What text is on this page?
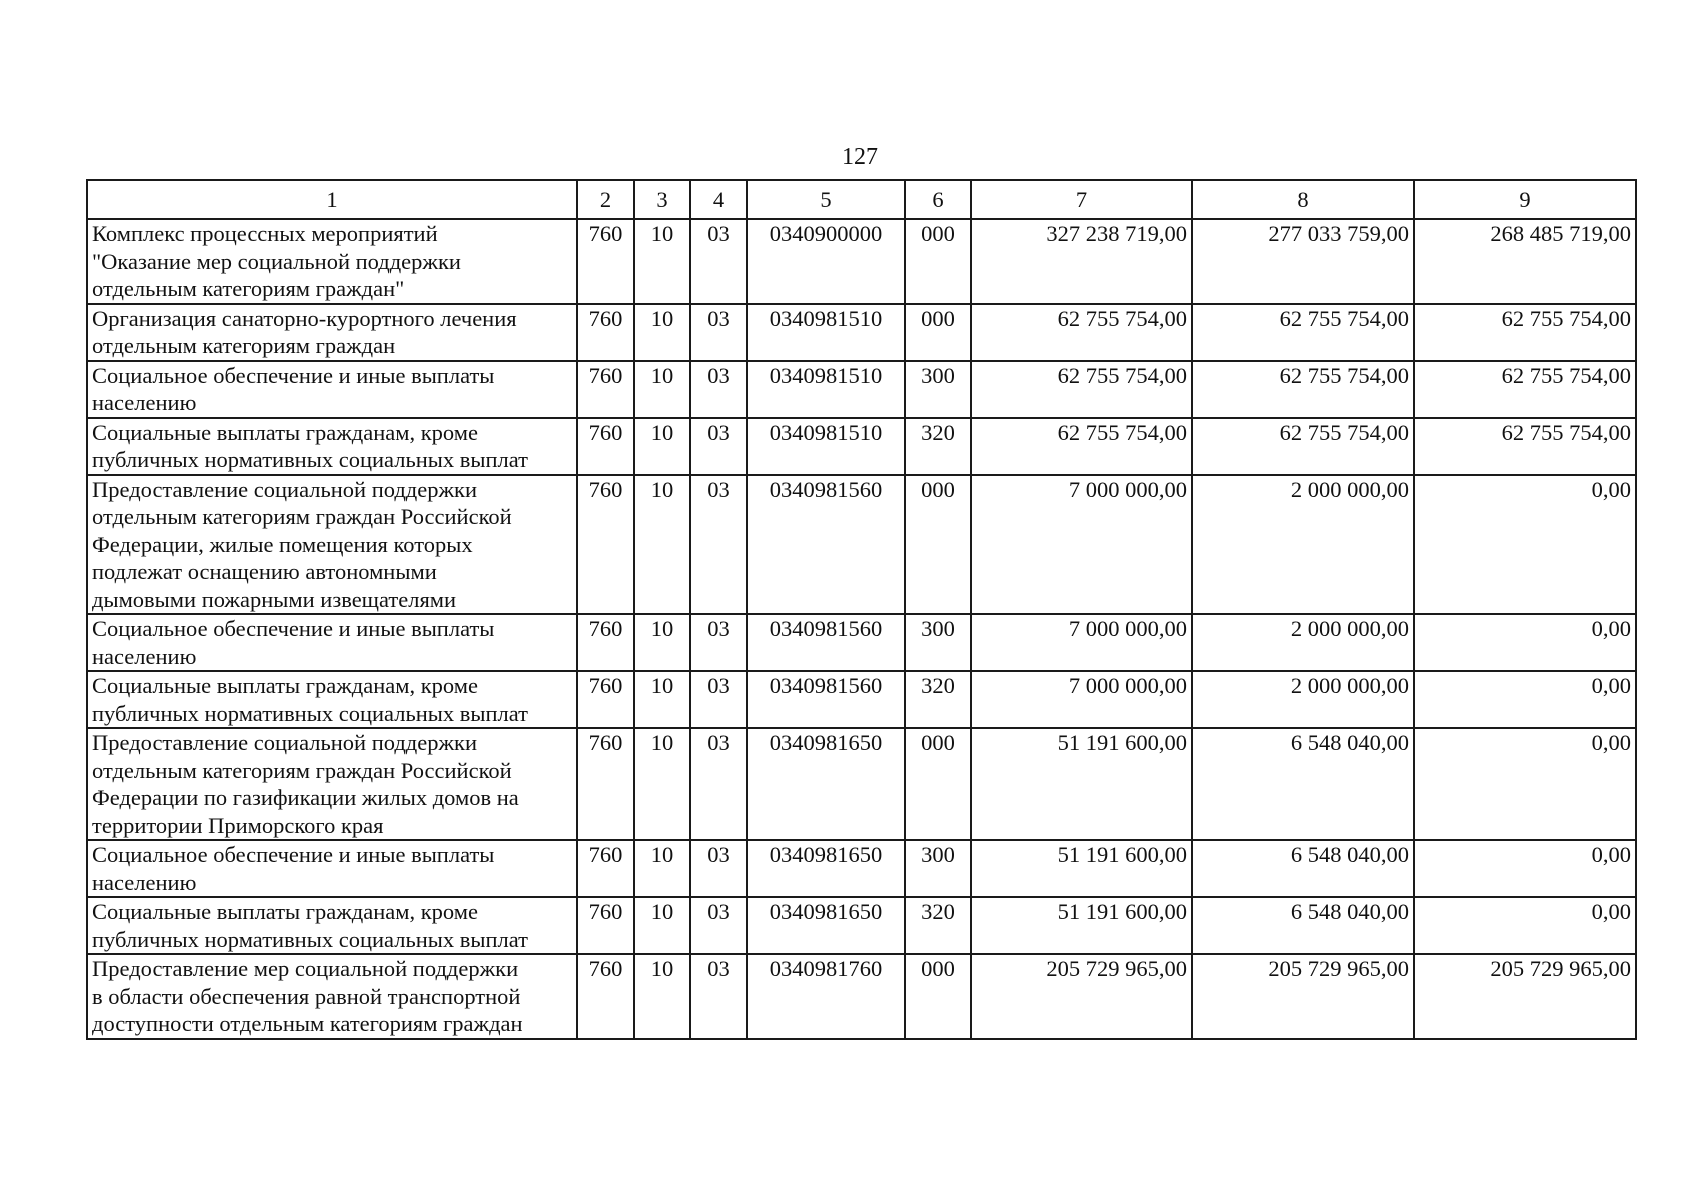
127
1	2	3	4	5	6	7	8	9
Комплекс процессных мероприятий
"Оказание мер социальной поддержки
отдельным категориям граждан"	760	10	03	0340900000	000	327 238 719,00	277 033 759,00	268 485 719,00
Организация санаторно-курортного лечения
отдельным категориям граждан	760	10	03	0340981510	000	62 755 754,00	62 755 754,00	62 755 754,00
Социальное обеспечение и иные выплаты
населению	760	10	03	0340981510	300	62 755 754,00	62 755 754,00	62 755 754,00
Социальные выплаты гражданам, кроме
публичных нормативных социальных выплат	760	10	03	0340981510	320	62 755 754,00	62 755 754,00	62 755 754,00
Предоставление социальной поддержки
отдельным категориям граждан Российской
Федерации, жилые помещения которых
подлежат оснащению автономными
дымовыми пожарными извещателями	760	10	03	0340981560	000	7 000 000,00	2 000 000,00	0,00
Социальное обеспечение и иные выплаты
населению	760	10	03	0340981560	300	7 000 000,00	2 000 000,00	0,00
Социальные выплаты гражданам, кроме
публичных нормативных социальных выплат	760	10	03	0340981560	320	7 000 000,00	2 000 000,00	0,00
Предоставление социальной поддержки
отдельным категориям граждан Российской
Федерации по газификации жилых домов на
территории Приморского края	760	10	03	0340981650	000	51 191 600,00	6 548 040,00	0,00
Социальное обеспечение и иные выплаты
населению	760	10	03	0340981650	300	51 191 600,00	6 548 040,00	0,00
Социальные выплаты гражданам, кроме
публичных нормативных социальных выплат	760	10	03	0340981650	320	51 191 600,00	6 548 040,00	0,00
Предоставление мер социальной поддержки
в области обеспечения равной транспортной
доступности отдельным категориям граждан	760	10	03	0340981760	000	205 729 965,00	205 729 965,00	205 729 965,00
